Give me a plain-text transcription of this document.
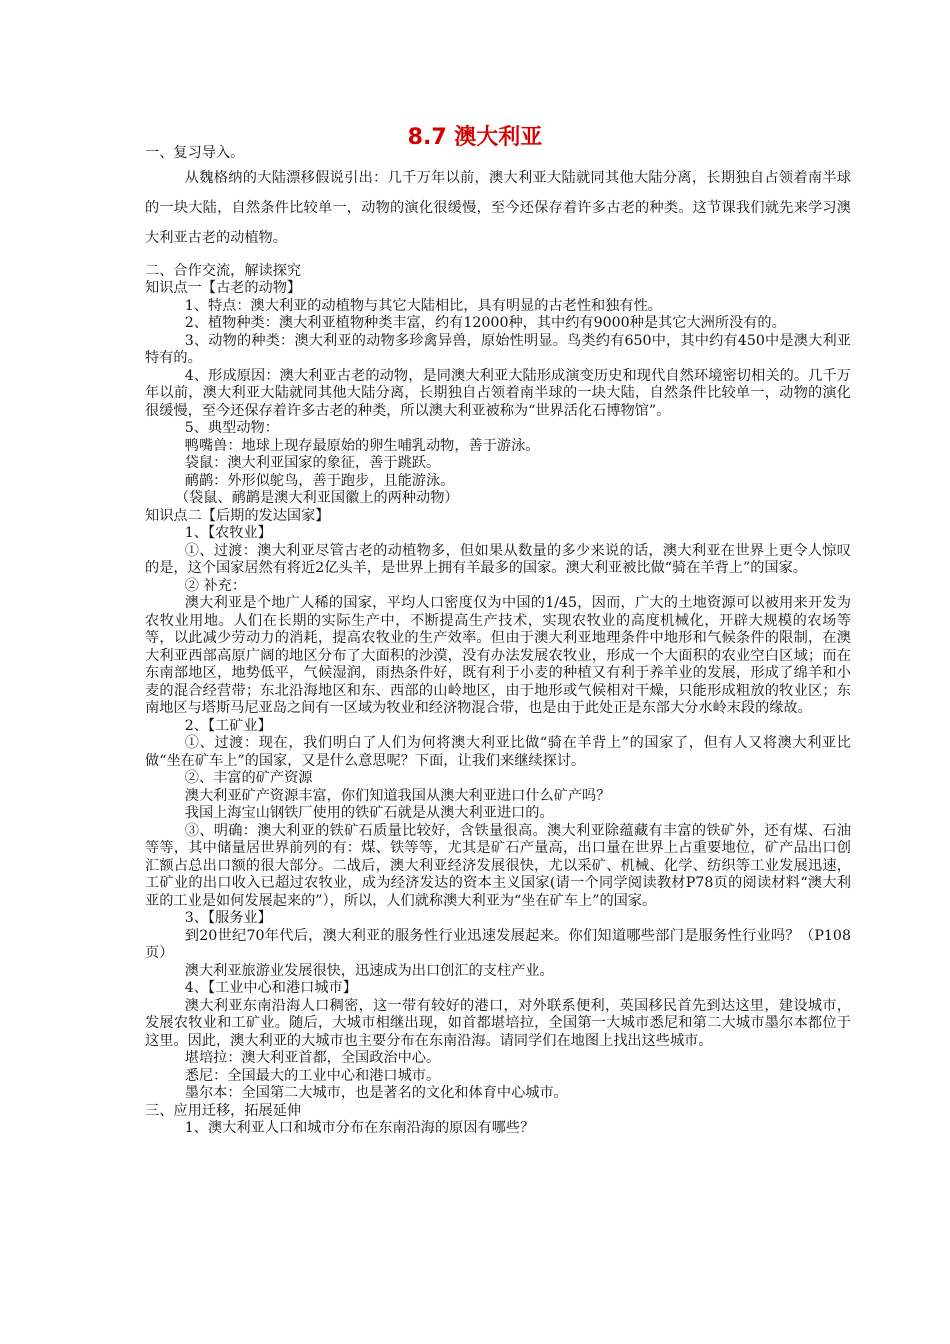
8.7 澳大利亚

一、复习导入。

从魏格纳的大陆漂移假说引出：几千万年以前，澳大利亚大陆就同其他大陆分离，长期独自占领着南半球的一块大陆，自然条件比较单一，动物的演化很缓慢，至今还保存着许多古老的种类。这节课我们就先来学习澳大利亚古老的动植物。

二、合作交流，解读探究

知识点一【古老的动物】

1、特点：澳大利亚的动植物与其它大陆相比，具有明显的古老性和独有性。

2、植物种类：澳大利亚植物种类丰富，约有12000种，其中约有9000种是其它大洲所没有的。

3、动物的种类：澳大利亚的动物多珍禽异兽，原始性明显。鸟类约有650中，其中约有450中是澳大利亚特有的。

4、形成原因：澳大利亚古老的动物，是同澳大利亚大陆形成演变历史和现代自然环境密切相关的。几千万年以前，澳大利亚大陆就同其他大陆分离，长期独自占领着南半球的一块大陆，自然条件比较单一，动物的演化很缓慢，至今还保存着许多古老的种类，所以澳大利亚被称为“世界活化石博物馆”。

5、典型动物：

鸭嘴兽：地球上现存最原始的卵生哺乳动物，善于游泳。

袋鼠：澳大利亚国家的象征，善于跳跃。

鸸鹋：外形似鸵鸟，善于跑步，且能游泳。

（袋鼠、鸸鹋是澳大利亚国徽上的两种动物）

知识点二【后期的发达国家】

1、【农牧业】

①、过渡：澳大利亚尽管古老的动植物多，但如果从数量的多少来说的话，澳大利亚在世界上更令人惊叹的是，这个国家居然有将近2亿头羊，是世界上拥有羊最多的国家。澳大利亚被比做“骑在羊背上”的国家。

② 补充：

澳大利亚是个地广人稀的国家，平均人口密度仅为中国的1/45，因而，广大的土地资源可以被用来开发为农牧业用地。人们在长期的实际生产中，不断提高生产技术，实现农牧业的高度机械化，开辟大规模的农场等等，以此减少劳动力的消耗，提高农牧业的生产效率。但由于澳大利亚地理条件中地形和气候条件的限制，在澳大利亚西部高原广阔的地区分布了大面积的沙漠，没有办法发展农牧业，形成一个大面积的农业空白区域；而在东南部地区，地势低平，气候湿润，雨热条件好，既有利于小麦的种植又有利于养羊业的发展，形成了绵羊和小麦的混合经营带；东北沿海地区和东、西部的山岭地区，由于地形或气候相对干燥，只能形成粗放的牧业区；东南地区与塔斯马尼亚岛之间有一区域为牧业和经济物混合带，也是由于此处正是东部大分水岭末段的缘故。

2、【工矿业】

①、过渡：现在，我们明白了人们为何将澳大利亚比做“骑在羊背上”的国家了，但有人又将澳大利亚比做“坐在矿车上”的国家，又是什么意思呢？下面，让我们来继续探讨。

②、丰富的矿产资源

澳大利亚矿产资源丰富，你们知道我国从澳大利亚进口什么矿产吗？

我国上海宝山钢铁厂使用的铁矿石就是从澳大利亚进口的。

③、明确：澳大利亚的铁矿石质量比较好，含铁量很高。澳大利亚除蕴藏有丰富的铁矿外，还有煤、石油等等，其中储量居世界前列的有：煤、铁等等，尤其是矿石产量高，出口量在世界上占重要地位，矿产品出口创汇额占总出口额的很大部分。二战后，澳大利亚经济发展很快，尤以采矿、机械、化学、纺织等工业发展迅速，工矿业的出口收入已超过农牧业，成为经济发达的资本主义国家(请一个同学阅读教材P78页的阅读材料“澳大利亚的工业是如何发展起来的”），所以，人们就称澳大利亚为“坐在矿车上”的国家。

3、【服务业】

到20世纪70年代后，澳大利亚的服务性行业迅速发展起来。你们知道哪些部门是服务性行业吗？（P108页）

澳大利亚旅游业发展很快，迅速成为出口创汇的支柱产业。

4、【工业中心和港口城市】

澳大利亚东南沿海人口稠密，这一带有较好的港口，对外联系便利，英国移民首先到达这里，建设城市，发展农牧业和工矿业。随后，大城市相继出现，如首都堪培拉，全国第一大城市悉尼和第二大城市墨尔本都位于这里。因此，澳大利亚的大城市也主要分布在东南沿海。请同学们在地图上找出这些城市。

堪培拉：澳大利亚首都，全国政治中心。

悉尼：全国最大的工业中心和港口城市。

墨尔本：全国第二大城市，也是著名的文化和体育中心城市。

三、应用迁移，拓展延伸

1、澳大利亚人口和城市分布在东南沿海的原因有哪些？
